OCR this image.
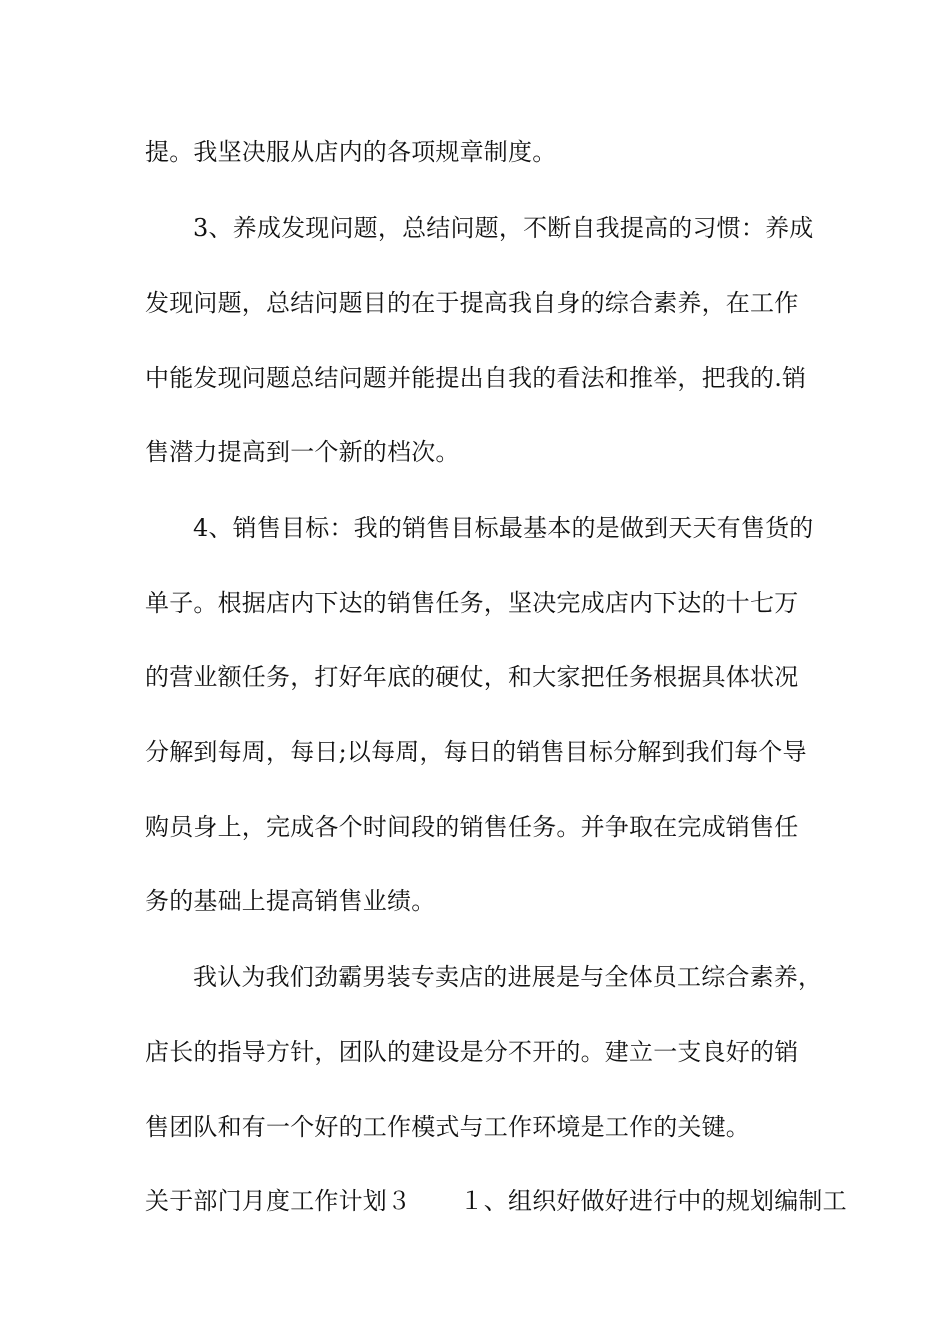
提。我坚决服从店内的各项规章制度。
3、养成发现问题，总结问题，不断自我提高的习惯：养成
发现问题，总结问题目的在于提高我自身的综合素养，在工作
中能发现问题总结问题并能提出自我的看法和推举，把我的.销
售潜力提高到一个新的档次。
4、销售目标：我的销售目标最基本的是做到天天有售货的
单子。根据店内下达的销售任务，坚决完成店内下达的十七万
的营业额任务，打好年底的硬仗，和大家把任务根据具体状况
分解到每周，每日;以每周，每日的销售目标分解到我们每个导
购员身上，完成各个时间段的销售任务。并争取在完成销售任
务的基础上提高销售业绩。
我认为我们劲霸男装专卖店的进展是与全体员工综合素养，
店长的指导方针，团队的建设是分不开的。建立一支良好的销
售团队和有一个好的工作模式与工作环境是工作的关键。
关于部门月度工作计划３　　１、组织好做好进行中的规划编制工
